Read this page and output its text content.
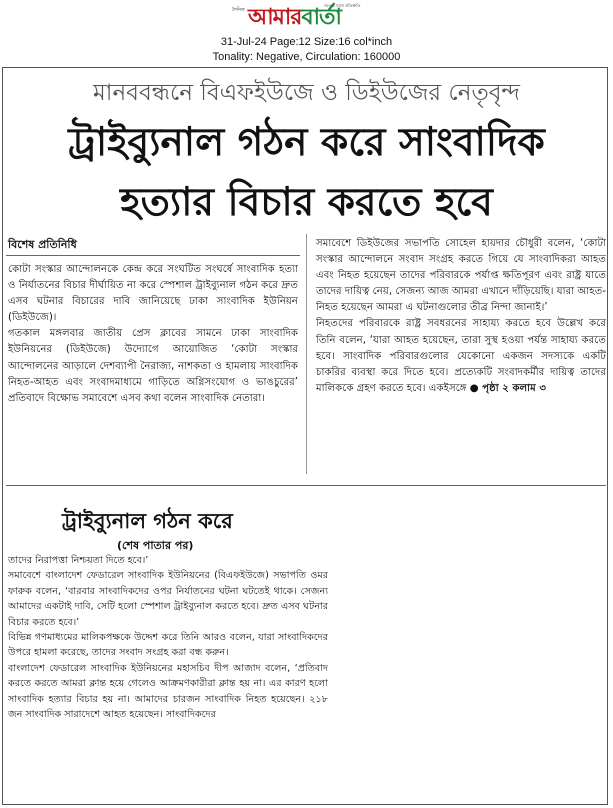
দৈনিক আমারবার্তা
সত্যের সাথে প্রতিশ্রুতি
31-Jul-24 Page:12 Size:16 col*inch
Tonality: Negative, Circulation: 160000
মানববন্ধনে বিএফইউজে ও ডিইউজের নেতৃবৃন্দ
ট্রাইব্যুনাল গঠন করে সাংবাদিক
হত্যার বিচার করতে হবে
বিশেষ প্রতিনিধি

কোটা সংস্কার আন্দোলনকে কেন্দ্র করে সংঘটিত সংঘর্ষে সাংবাদিক হত্যা ও নির্যাতনের বিচার দীর্ঘায়িত না করে স্পেশাল ট্রাইব্যুনাল গঠন করে দ্রুত এসব ঘটনার বিচারের দাবি জানিয়েছে ঢাকা সাংবাদিক ইউনিয়ন (ডিইউজে)।

গতকাল মঙ্গলবার জাতীয় প্রেস ক্লাবের সামনে ঢাকা সাংবাদিক ইউনিয়নের (ডিইউজে) উদ্যোগে আয়োজিত ‘কোটা সংস্কার আন্দোলনের আড়ালে দেশব্যাপী নৈরাজ্য, নাশকতা ও হামলায় সাংবাদিক নিহত-আহত এবং সংবাদমাধ্যমে গাড়িতে অগ্নিসংযোগ ও ভাঙচুরের’ প্রতিবাদে বিক্ষোভ সমাবেশে এসব কথা বলেন সাংবাদিক নেতারা।

সমাবেশে ডিইউজের সভাপতি সোহেল হায়দার চৌধুরী বলেন, ‘কোটা সংস্কার আন্দোলনে সংবাদ সংগ্রহ করতে গিয়ে যে সাংবাদিকরা আহত এবং নিহত হয়েছেন তাদের পরিবারকে পর্যাপ্ত ক্ষতিপূরণ এবং রাষ্ট্র যাতে তাদের দায়িত্ব নেয়, সেজন্য আজ আমরা এখানে দাঁড়িয়েছি। যারা আহত-নিহত হয়েছেন আমরা এ ঘটনাগুলোর তীব্র নিন্দা জানাই।’

নিহতদের পরিবারকে রাষ্ট্র সবধরনের সাহায্য করতে হবে উল্লেখ করে তিনি বলেন, ‘যারা আহত হয়েছেন, তারা সুস্থ হওয়া পর্যন্ত সাহায্য করতে হবে। সাংবাদিক পরিবারগুলোর যেকোনো একজন সদস্যকে একটি চাকরির ব্যবস্থা করে দিতে হবে। প্রত্যেকটি সংবাদকর্মীর দায়িত্ব তাদের মালিককে গ্রহণ করতে হবে। একইসঙ্গে ● পৃষ্ঠা ২ কলাম ৩

ট্রাইব্যুনাল গঠন করে
(শেষ পাতার পর)

তাদের নিরাপত্তা নিশ্চয়তা দিতে হবে।’

সমাবেশে বাংলাদেশ ফেডারেল সাংবাদিক ইউনিয়নের (বিএফইউজে) সভাপতি ওমর ফারুক বলেন, ‘বারবার সাংবাদিকদের ওপর নির্যাতনের ঘটনা ঘটতেই থাকে। সেজন্য আমাদের একটাই দাবি, সেটি হলো স্পেশাল ট্রাইব্যুনাল করতে হবে। দ্রুত এসব ঘটনার বিচার করতে হবে।’

বিভিন্ন গণমাধ্যমের মালিকপক্ষকে উদ্দেশ করে তিনি আরও বলেন, যারা সাংবাদিকদের উপরে হামলা করেছে, তাদের সংবাদ সংগ্রহ করা বন্ধ করুন।

বাংলাদেশ ফেডারেল সাংবাদিক ইউনিয়নের মহাসচিব দীপ আজাদ বলেন, ‘প্রতিবাদ করতে করতে আমরা ক্লান্ত হয়ে গেলেও আক্রমণকারীরা ক্লান্ত হয় না। এর কারণ হলো সাংবাদিক হত্যার বিচার হয় না। আমাদের চারজন সাংবাদিক নিহত হয়েছেন। ২১৮ জন সাংবাদিক সারাদেশে আহত হয়েছেন। সাংবাদিকদের
